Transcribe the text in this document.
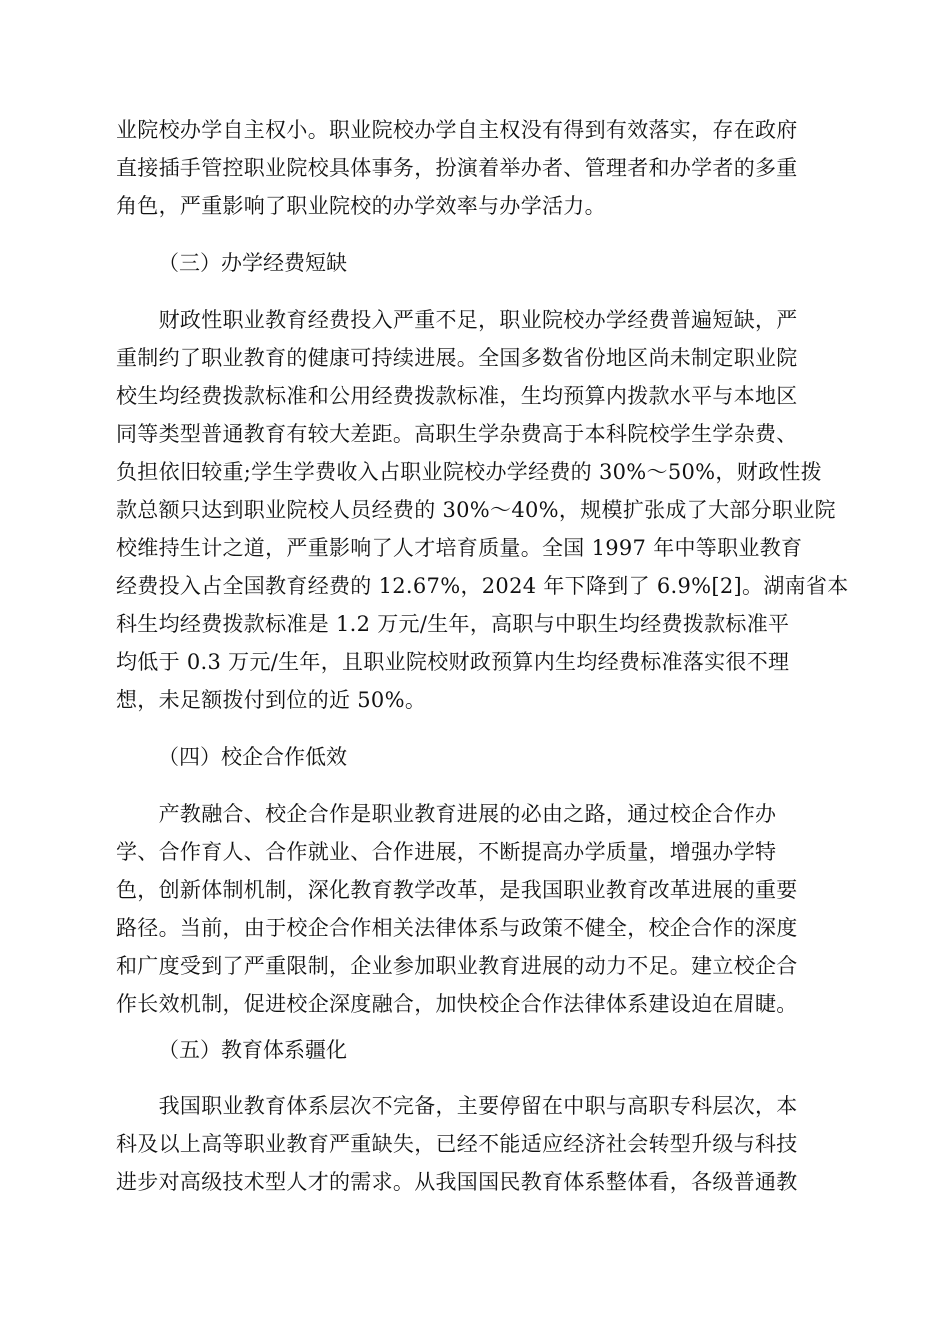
业院校办学自主权小。职业院校办学自主权没有得到有效落实，存在政府
直接插手管控职业院校具体事务，扮演着举办者、管理者和办学者的多重
角色，严重影响了职业院校的办学效率与办学活力。
（三）办学经费短缺
　　财政性职业教育经费投入严重不足，职业院校办学经费普遍短缺，严
重制约了职业教育的健康可持续进展。全国多数省份地区尚未制定职业院
校生均经费拨款标准和公用经费拨款标准，生均预算内拨款水平与本地区
同等类型普通教育有较大差距。高职生学杂费高于本科院校学生学杂费、
负担依旧较重;学生学费收入占职业院校办学经费的 30%～50%，财政性拨
款总额只达到职业院校人员经费的 30%～40%，规模扩张成了大部分职业院
校维持生计之道，严重影响了人才培育质量。全国 1997 年中等职业教育
经费投入占全国教育经费的 12.67%，2024 年下降到了 6.9%[2]。湖南省本
科生均经费拨款标准是 1.2 万元/生年，高职与中职生均经费拨款标准平
均低于 0.3 万元/生年，且职业院校财政预算内生均经费标准落实很不理
想，未足额拨付到位的近 50%。
（四）校企合作低效
　　产教融合、校企合作是职业教育进展的必由之路，通过校企合作办
学、合作育人、合作就业、合作进展，不断提高办学质量，增强办学特
色，创新体制机制，深化教育教学改革，是我国职业教育改革进展的重要
路径。当前，由于校企合作相关法律体系与政策不健全，校企合作的深度
和广度受到了严重限制，企业参加职业教育进展的动力不足。建立校企合
作长效机制，促进校企深度融合，加快校企合作法律体系建设迫在眉睫。
（五）教育体系疆化
　　我国职业教育体系层次不完备，主要停留在中职与高职专科层次，本
科及以上高等职业教育严重缺失，已经不能适应经济社会转型升级与科技
进步对高级技术型人才的需求。从我国国民教育体系整体看，各级普通教
